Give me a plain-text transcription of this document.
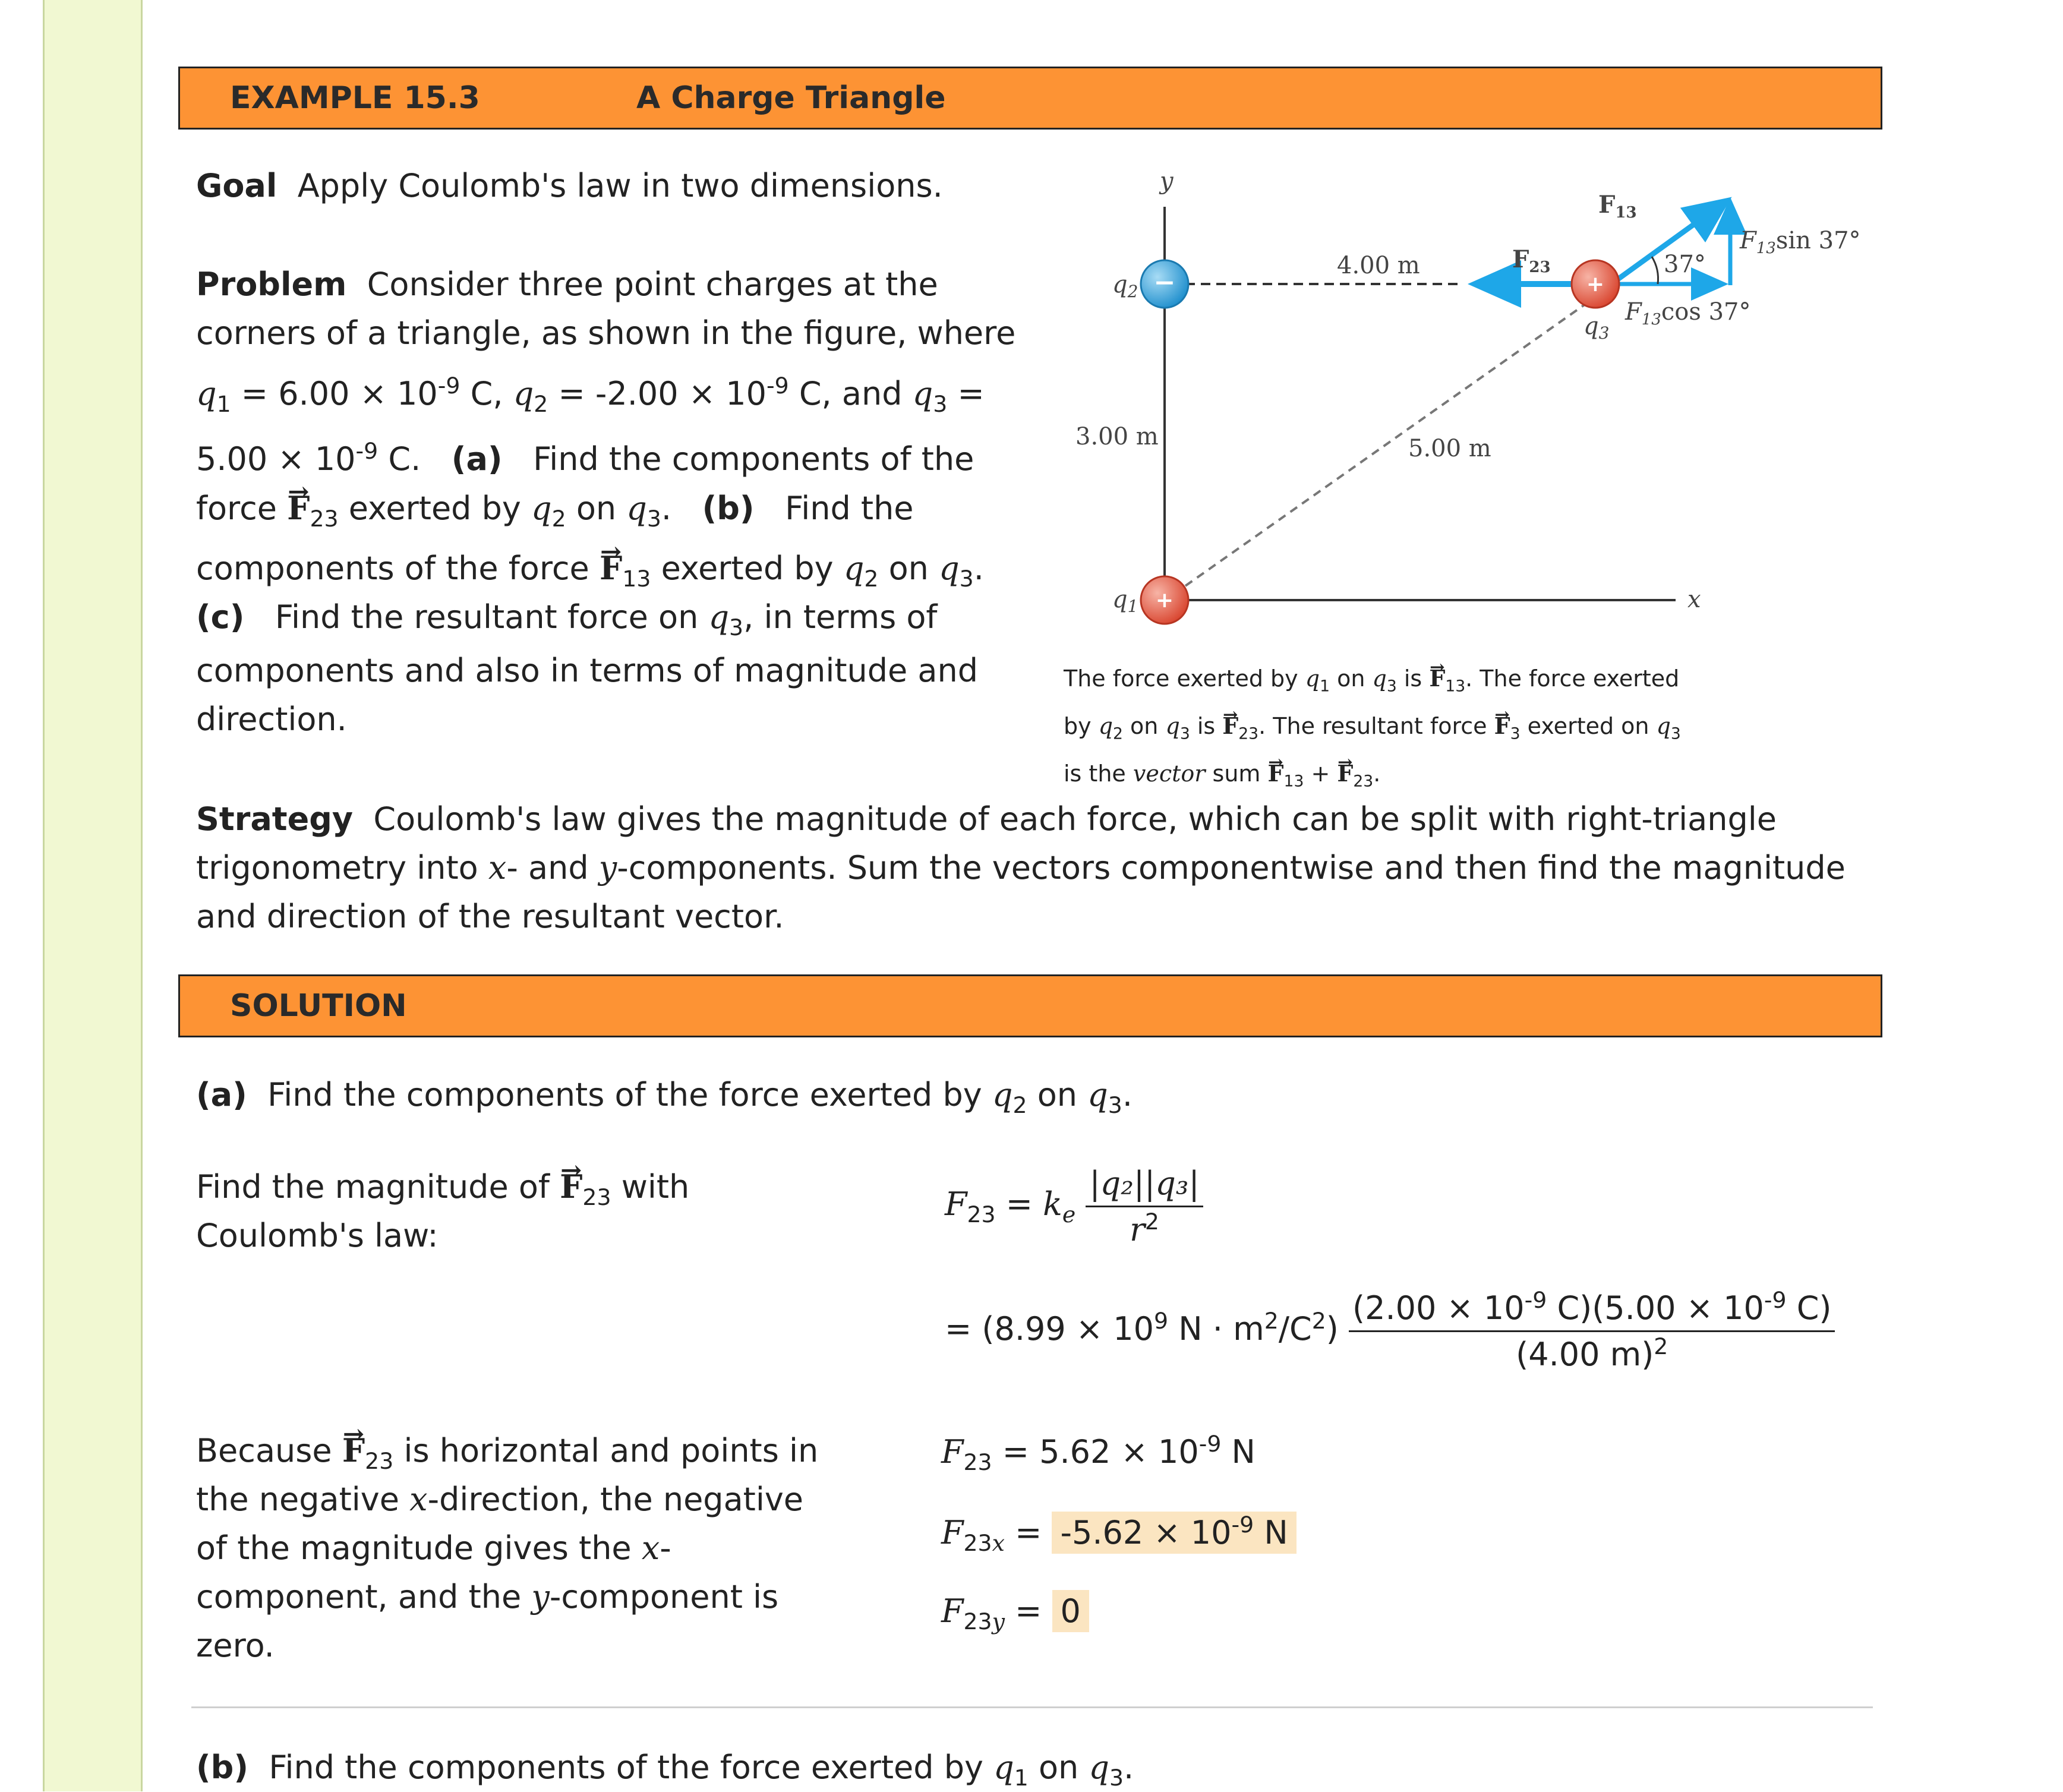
EXAMPLE 15.3	A Charge Triangle
Goal Apply Coulomb's law in two dimensions.
Problem Consider three point charges at the
corners of a triangle, as shown in the figure, where
$q_1 = 6.00 \times 10^{-9}$ C, $q_2 = -2.00 \times 10^{-9}$ C, and $q_3$ =
$5.00 \times 10^{-9}$ C.   (a) Find the components of the
force → $F_{23}$ exerted by $q_2$ on $q_3$.   (b) Find the
components of the force → $F_{13}$ exerted by $q_2$ on $q_3$.
(c) Find the resultant force on $q_3$, in terms of
components and also in terms of magnitude and
direction.
y
x
37°
−
+
+
$q_2$
$q_1$
$q_3$
4.00 m
3.00 m	5.00 m
$F_{23}$
$F_{13}$
$F_{13}\sin$ 37°
$F_{13}\cos$ 37°
The force exerted by $q_1$ on $q_3$ is → $F_{13}$. The force exerted
by $q_2$ on $q_3$ is → $F_{23}$. The resultant force → $F_3$ exerted on $q_3$
is the vector sum → $F_{13}$ + → $F_{23}$.
Strategy Coulomb's law gives the magnitude of each force, which can be split with right-triangle
trigonometry into x- and y-components. Sum the vectors componentwise and then find the magnitude
and direction of the resultant vector.
SOLUTION
(a) Find the components of the force exerted by $q_2$ on $q_3$.
Find the magnitude of → $F_{23}$ with
Coulomb's law:
$F_{23} = k_e \frac{\text{|q₂||q₃|}}{r^2}$
= ($8.99 \times 10^9$ $N \cdot m^2/C^2) \frac{(2.00 \times 10^{-9} C)(5.00 \times 10^{-9} C)}{(4.00 m)^2}$
Because → $F_{23}$ is horizontal and points in
the negative x-direction, the negative
of the magnitude gives the x-
component, and the y-component is
zero.
$F_{23} = 5.62 \times 10^{-9}$ N
$F_{23x} = -5.62 \times 10^{-9}$ N
$F_{23y} = 0$
(b) Find the components of the force exerted by $q_1$ on $q_3$.
